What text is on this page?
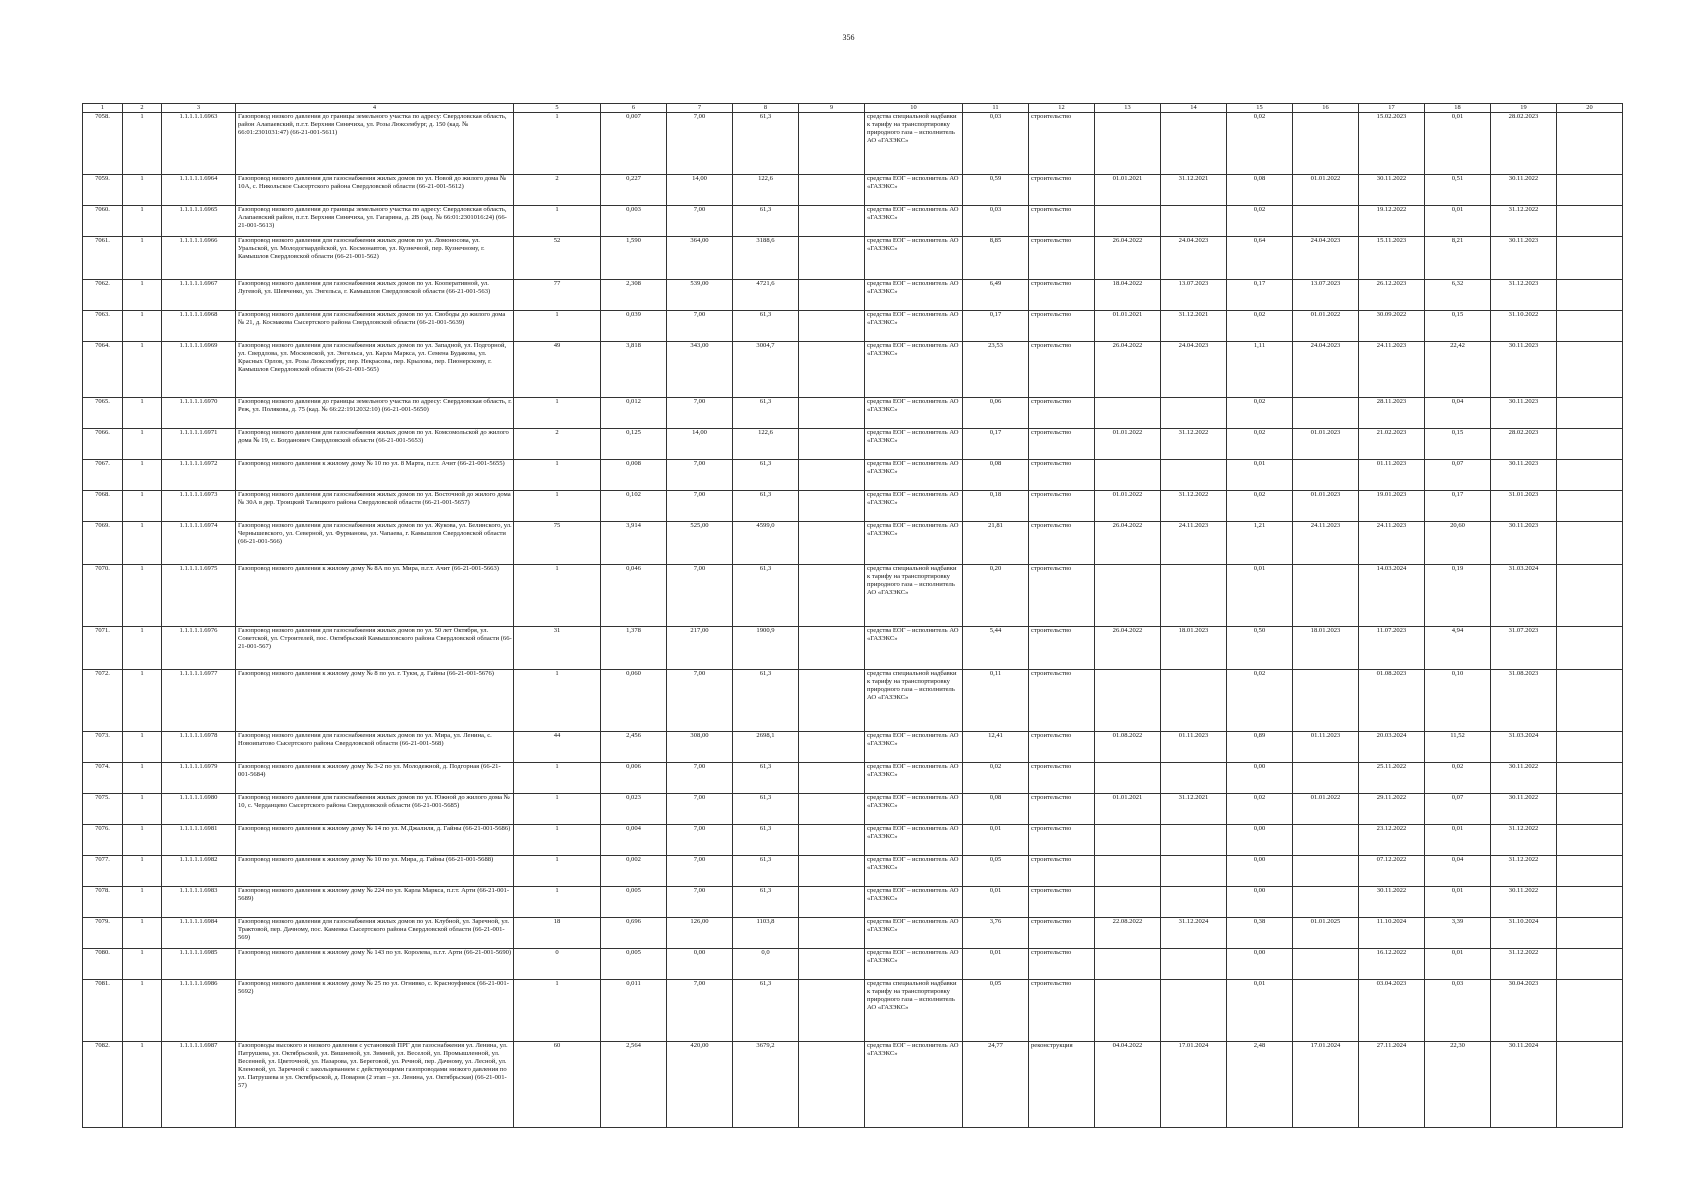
356
1	2	3	4	5	6	7	8	9	10	11	12	13	14	15	16	17	18	19	20
7058.	1	1.1.1.1.1.6963	Газопровод низкого давления до границы земельного участка по адресу: Свердловская область, район Алапаевский, п.г.т. Верхняя Синячиха, ул. Розы Люксембург, д. 150 (кад. № 66:01:2301031:47) (66-21-001-5611)	1	0,007	7,00	61,3		средства специальной надбавки к тарифу на транспортировку природного газа – исполнитель АО «ГАЗЭКС»	0,03	строительство			0,02		15.02.2023	0,01	28.02.2023	
7059.	1	1.1.1.1.1.6964	Газопровод низкого давления для газоснабжения жилых домов по ул. Новой до жилого дома № 10А, с. Никольское Сысертского района Свердловской области (66-21-001-5612)	2	0,227	14,00	122,6		средства ЕОГ – исполнитель АО «ГАЗЭКС»	0,59	строительство	01.01.2021	31.12.2021	0,08	01.01.2022	30.11.2022	0,51	30.11.2022	
7060.	1	1.1.1.1.1.6965	Газопровод низкого давления до границы земельного участка по адресу: Свердловская область, Алапаевский район, п.г.т. Верхняя Синячиха, ул. Гагарина, д. 2В (кад. № 66:01:2301016:24) (66-21-001-5613)	1	0,003	7,00	61,3		средства ЕОГ – исполнитель АО «ГАЗЭКС»	0,03	строительство			0,02		19.12.2022	0,01	31.12.2022	
7061.	1	1.1.1.1.1.6966	Газопровод низкого давления для газоснабжения жилых домов по ул. Ломоносова, ул. Уральской, ул. Молодогвардейской, ул. Космонавтов, ул. Кузнечной, пер. Кузнечному, г. Камышлов Свердловской области (66-21-001-562)	52	1,590	364,00	3188,6		средства ЕОГ – исполнитель АО «ГАЗЭКС»	8,85	строительство	26.04.2022	24.04.2023	0,64	24.04.2023	15.11.2023	8,21	30.11.2023	
7062.	1	1.1.1.1.1.6967	Газопровод низкого давления для газоснабжения жилых домов по ул. Кооперативной, ул. Лугевой, ул. Шевченко, ул. Энгельса, г. Камышлов Свердловской области (66-21-001-563)	77	2,308	539,00	4721,6		средства ЕОГ – исполнитель АО «ГАЗЭКС»	6,49	строительство	18.04.2022	13.07.2023	0,17	13.07.2023	26.12.2023	6,32	31.12.2023	
7063.	1	1.1.1.1.1.6968	Газопровод низкого давления для газоснабжения жилых домов по ул. Свободы до жилого дома № 21, д. Космакова Сысертского района Свердловской области (66-21-001-5639)	1	0,039	7,00	61,3		средства ЕОГ – исполнитель АО «ГАЗЭКС»	0,17	строительство	01.01.2021	31.12.2021	0,02	01.01.2022	30.09.2022	0,15	31.10.2022	
7064.	1	1.1.1.1.1.6969	Газопровод низкого давления для газоснабжения жилых домов по ул. Западной, ул. Подгорной, ул. Свердлова, ул. Московской, ул. Энгельса, ул. Карла Маркса, ул. Семена Будакова, ул. Красных Орлов, ул. Розы Люксембург, пер. Некрасова, пер. Крылова, пер. Пионерскому, г. Камышлов Свердловской области (66-21-001-565)	49	3,818	343,00	3004,7		средства ЕОГ – исполнитель АО «ГАЗЭКС»	23,53	строительство	26.04.2022	24.04.2023	1,11	24.04.2023	24.11.2023	22,42	30.11.2023	
7065.	1	1.1.1.1.1.6970	Газопровод низкого давления до границы земельного участка по адресу: Свердловская область, г. Реж, ул. Полякова, д. 75 (кад. № 66:22:1912032:10) (66-21-001-5650)	1	0,012	7,00	61,3		средства ЕОГ – исполнитель АО «ГАЗЭКС»	0,06	строительство			0,02		28.11.2023	0,04	30.11.2023	
7066.	1	1.1.1.1.1.6971	Газопровод низкого давления для газоснабжения жилых домов по ул. Комсомольской до жилого дома № 19, с. Богданович Свердловской области (66-21-001-5653)	2	0,125	14,00	122,6		средства ЕОГ – исполнитель АО «ГАЗЭКС»	0,17	строительство	01.01.2022	31.12.2022	0,02	01.01.2023	21.02.2023	0,15	28.02.2023	
7067.	1	1.1.1.1.1.6972	Газопровод низкого давления к жилому дому № 10 по ул. 8 Марта, п.г.т. Ачит (66-21-001-5655)	1	0,008	7,00	61,3		средства ЕОГ – исполнитель АО «ГАЗЭКС»	0,08	строительство			0,01		01.11.2023	0,07	30.11.2023	
7068.	1	1.1.1.1.1.6973	Газопровод низкого давления для газоснабжения жилых домов по ул. Восточной до жилого дома № 30А в дер. Троицкий Талицкого района Свердловской области (66-21-001-5657)	1	0,102	7,00	61,3		средства ЕОГ – исполнитель АО «ГАЗЭКС»	0,18	строительство	01.01.2022	31.12.2022	0,02	01.01.2023	19.01.2023	0,17	31.01.2023	
7069.	1	1.1.1.1.1.6974	Газопровод низкого давления для газоснабжения жилых домов по ул. Жукова, ул. Белинского, ул. Чернышевского, ул. Северной, ул. Фурманова, ул. Чапаева, г. Камышлов Свердловской области (66-21-001-566)	75	3,914	525,00	4599,0		средства ЕОГ – исполнитель АО «ГАЗЭКС»	21,81	строительство	26.04.2022	24.11.2023	1,21	24.11.2023	24.11.2023	20,60	30.11.2023	
7070.	1	1.1.1.1.1.6975	Газопровод низкого давления к жилому дому № 8А по ул. Мира, п.г.т. Ачит (66-21-001-5663)	1	0,046	7,00	61,3		средства специальной надбавки к тарифу на транспортировку природного газа – исполнитель АО «ГАЗЭКС»	0,20	строительство			0,01		14.03.2024	0,19	31.03.2024	
7071.	1	1.1.1.1.1.6976	Газопровод низкого давления для газоснабжения жилых домов по ул. 50 лет Октября, ул. Советской, ул. Строителей, пос. Октябрьский Камышловского района Свердловской области (66-21-001-567)	31	1,378	217,00	1900,9		средства ЕОГ – исполнитель АО «ГАЗЭКС»	5,44	строительство	26.04.2022	18.01.2023	0,50	18.01.2023	11.07.2023	4,94	31.07.2023	
7072.	1	1.1.1.1.1.6977	Газопровод низкого давления к жилому дому № 8 по ул. г. Тукм, д. Гайны (66-21-001-5676)	1	0,060	7,00	61,3		средства специальной надбавки к тарифу на транспортировку природного газа – исполнитель АО «ГАЗЭКС»	0,11	строительство			0,02		01.08.2023	0,10	31.08.2023	
7073.	1	1.1.1.1.1.6978	Газопровод низкого давления для газоснабжения жилых домов по ул. Мира, ул. Ленина, с. Новоипатово Сысертского района Свердловской области (66-21-001-568)	44	2,456	308,00	2698,1		средства ЕОГ – исполнитель АО «ГАЗЭКС»	12,41	строительство	01.08.2022	01.11.2023	0,89	01.11.2023	20.03.2024	11,52	31.03.2024	
7074.	1	1.1.1.1.1.6979	Газопровод низкого давления к жилому дому № 3-2 по ул. Молодежной, д. Подгорная (66-21-001-5684)	1	0,006	7,00	61,3		средства ЕОГ – исполнитель АО «ГАЗЭКС»	0,02	строительство			0,00		25.11.2022	0,02	30.11.2022	
7075.	1	1.1.1.1.1.6980	Газопровод низкого давления для газоснабжения жилых домов по ул. Южной до жилого дома № 10, с. Черданцево Сысертского района Свердловской области (66-21-001-5685)	1	0,023	7,00	61,3		средства ЕОГ – исполнитель АО «ГАЗЭКС»	0,08	строительство	01.01.2021	31.12.2021	0,02	01.01.2022	29.11.2022	0,07	30.11.2022	
7076.	1	1.1.1.1.1.6981	Газопровод низкого давления к жилому дому № 14 по ул. М.Джалиля, д. Гайны (66-21-001-5686)	1	0,004	7,00	61,3		средства ЕОГ – исполнитель АО «ГАЗЭКС»	0,01	строительство			0,00		23.12.2022	0,01	31.12.2022	
7077.	1	1.1.1.1.1.6982	Газопровод низкого давления к жилому дому № 10 по ул. Мира, д. Гайны (66-21-001-5688)	1	0,002	7,00	61,3		средства ЕОГ – исполнитель АО «ГАЗЭКС»	0,05	строительство			0,00		07.12.2022	0,04	31.12.2022	
7078.	1	1.1.1.1.1.6983	Газопровод низкого давления к жилому дому № 224 по ул. Карла Маркса, п.г.т. Арти (66-21-001-5689)	1	0,005	7,00	61,3		средства ЕОГ – исполнитель АО «ГАЗЭКС»	0,01	строительство			0,00		30.11.2022	0,01	30.11.2022	
7079.	1	1.1.1.1.1.6984	Газопровод низкого давления для газоснабжения жилых домов по ул. Клубной, ул. Заречной, ул. Трактовой, пер. Дачному, пос. Каменка Сысертского района Свердловской области (66-21-001-569)	18	0,696	126,00	1103,8		средства ЕОГ – исполнитель АО «ГАЗЭКС»	3,76	строительство	22.08.2022	31.12.2024	0,38	01.01.2025	11.10.2024	3,39	31.10.2024	
7080.	1	1.1.1.1.1.6985	Газопровод низкого давления к жилому дому № 143 по ул. Королева, п.г.т. Арти (66-21-001-5690)	0	0,005	0,00	0,0		средства ЕОГ – исполнитель АО «ГАЗЭКС»	0,01	строительство			0,00		16.12.2022	0,01	31.12.2022	
7081.	1	1.1.1.1.1.6986	Газопровод низкого давления к жилому дому № 25 по ул. Огнивко, с. Красноуфимск (66-21-001-5692)	1	0,011	7,00	61,3		средства специальной надбавки к тарифу на транспортировку природного газа – исполнитель АО «ГАЗЭКС»	0,05	строительство			0,01		03.04.2023	0,03	30.04.2023	
7082.	1	1.1.1.1.1.6987	Газопроводы высокого и низкого давления с установкой ПРГ для газоснабжения ул. Ленина, ул. Патрушева, ул. Октябрьской, ул. Вишневой, ул. Зимней, ул. Веселой, ул. Промышленной, ул. Весенней, ул. Цветочной, ул. Назарова, ул. Береговой, ул. Речной, пер. Дачному, ул. Лесной, ул. Кленовой, ул. Заречной с закольцеванием с действующими газопроводами низкого давления по ул. Патрушева и ул. Октябрьской, д. Поварня (2 этап – ул. Ленина, ул. Октябрьская) (66-21-001-57)	60	2,564	420,00	3679,2		средства ЕОГ – исполнитель АО «ГАЗЭКС»	24,77	реконструкция	04.04.2022	17.01.2024	2,48	17.01.2024	27.11.2024	22,30	30.11.2024	
